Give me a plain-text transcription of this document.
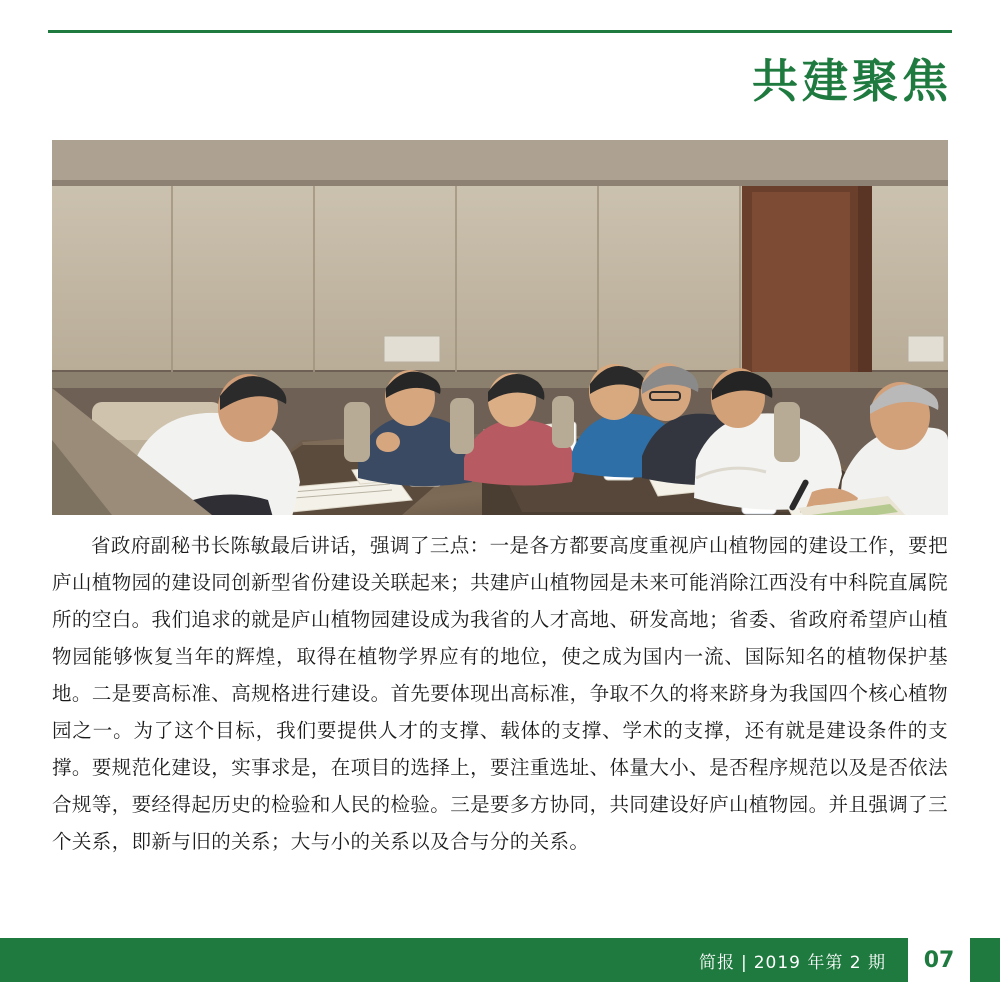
共建聚焦
省政府副秘书长陈敏最后讲话，强调了三点：一是各方都要高度重视庐山植物园的建设工作，要把庐山植物园的建设同创新型省份建设关联起来；共建庐山植物园是未来可能消除江西没有中科院直属院所的空白。我们追求的就是庐山植物园建设成为我省的人才高地、研发高地；省委、省政府希望庐山植物园能够恢复当年的辉煌，取得在植物学界应有的地位，使之成为国内一流、国际知名的植物保护基地。二是要高标准、高规格进行建设。首先要体现出高标准，争取不久的将来跻身为我国四个核心植物园之一。为了这个目标，我们要提供人才的支撑、载体的支撑、学术的支撑，还有就是建设条件的支撑。要规范化建设，实事求是，在项目的选择上，要注重选址、体量大小、是否程序规范以及是否依法合规等，要经得起历史的检验和人民的检验。三是要多方协同，共同建设好庐山植物园。并且强调了三个关系，即新与旧的关系；大与小的关系以及合与分的关系。
简报 | 2019 年第 2 期	07
